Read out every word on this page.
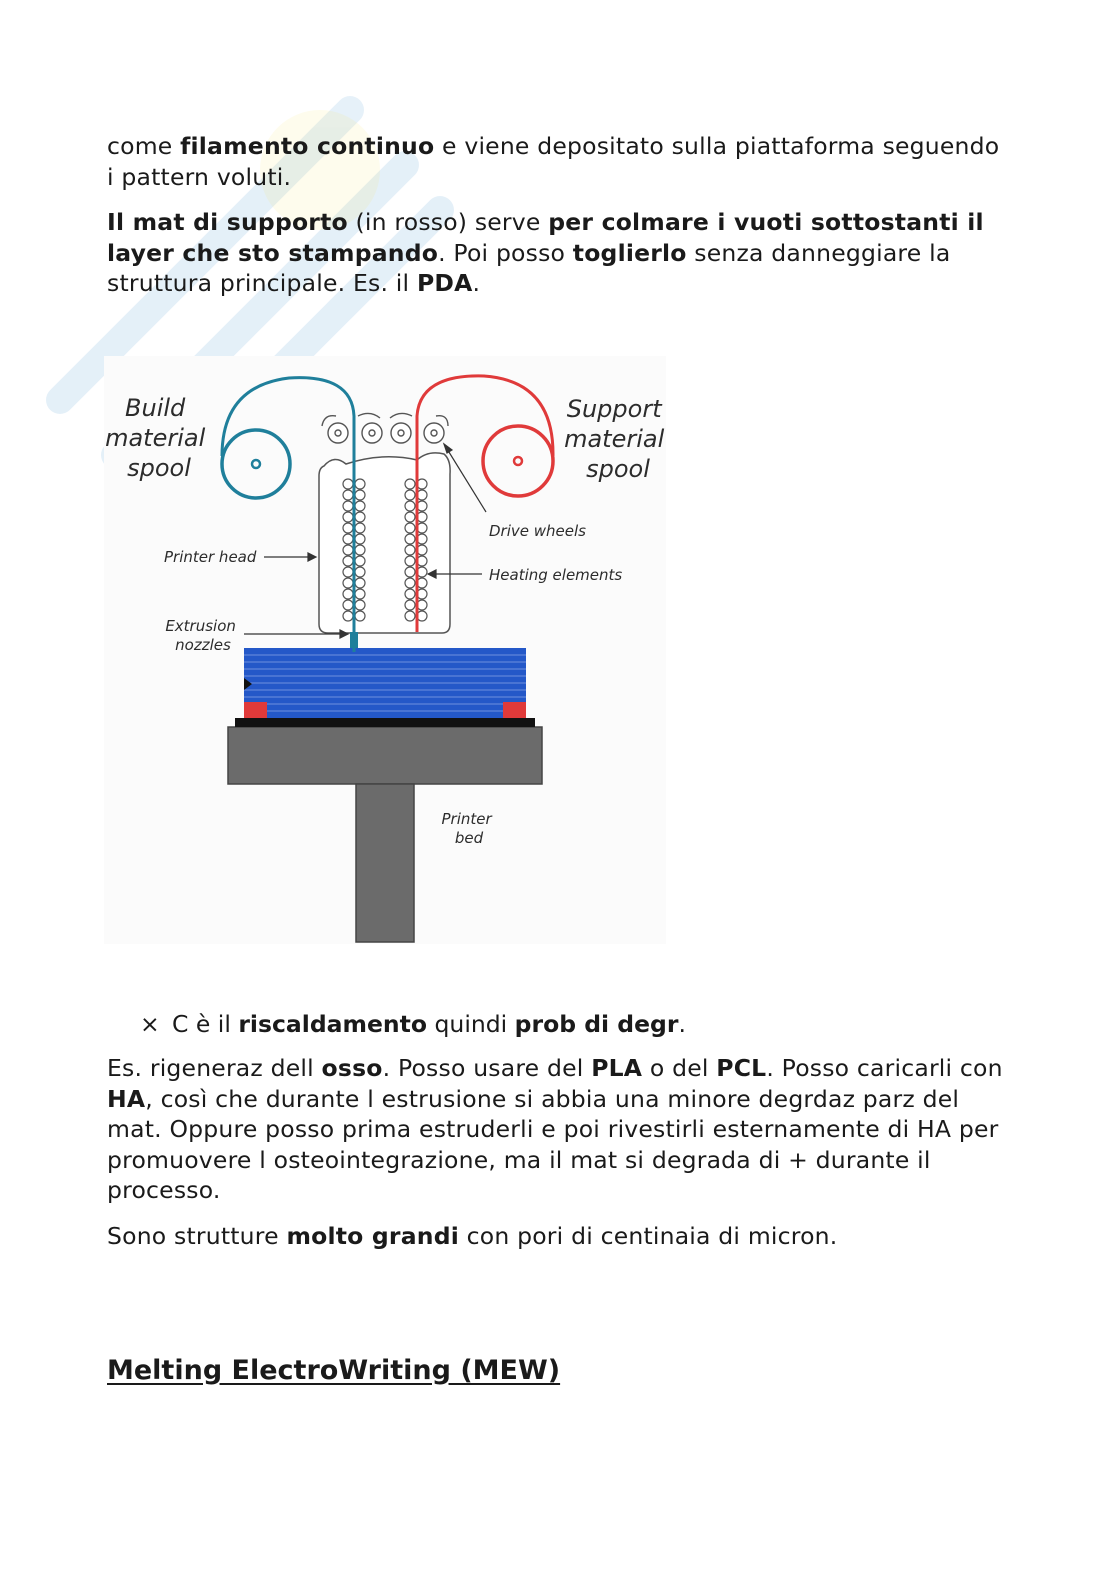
come filamento continuo e viene depositato sulla piattaforma seguendo i pattern voluti.

Il mat di supporto (in rosso) serve per colmare i vuoti sottostanti il layer che sto stampando. Poi posso toglierlo senza danneggiare la struttura principale. Es. il PDA.

Build material spool
Support material spool
Drive wheels
Printer head
Heating elements
Extrusion nozzles
Printer bed
× C è il riscaldamento quindi prob di degr.

Es. rigeneraz dell osso. Posso usare del PLA o del PCL. Posso caricarli con HA, così che durante l estrusione si abbia una minore degrdaz parz del mat. Oppure posso prima estruderli e poi rivestirli esternamente di HA per promuovere l osteointegrazione, ma il mat si degrada di + durante il processo.

Sono strutture molto grandi con pori di centinaia di micron.

Melting ElectroWriting (MEW)
